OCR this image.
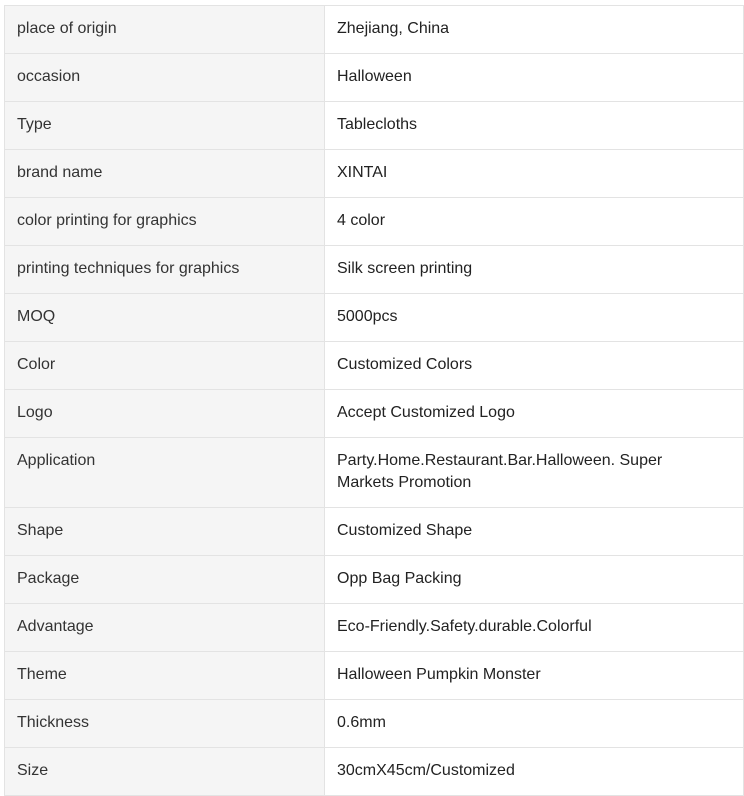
place of origin	Zhejiang, China

occasion	Halloween

Type	Tablecloths

brand name	XINTAI

color printing for graphics	4 color

printing techniques for graphics	Silk screen printing

MOQ	5000pcs

Color	Customized Colors

Logo	Accept Customized Logo

Application	Party.Home.Restaurant.Bar.Halloween. Super Markets Promotion

Shape	Customized Shape

Package	Opp Bag Packing

Advantage	Eco-Friendly.Safety.durable.Colorful

Theme	Halloween Pumpkin Monster

Thickness	0.6mm

Size	30cmX45cm/Customized
